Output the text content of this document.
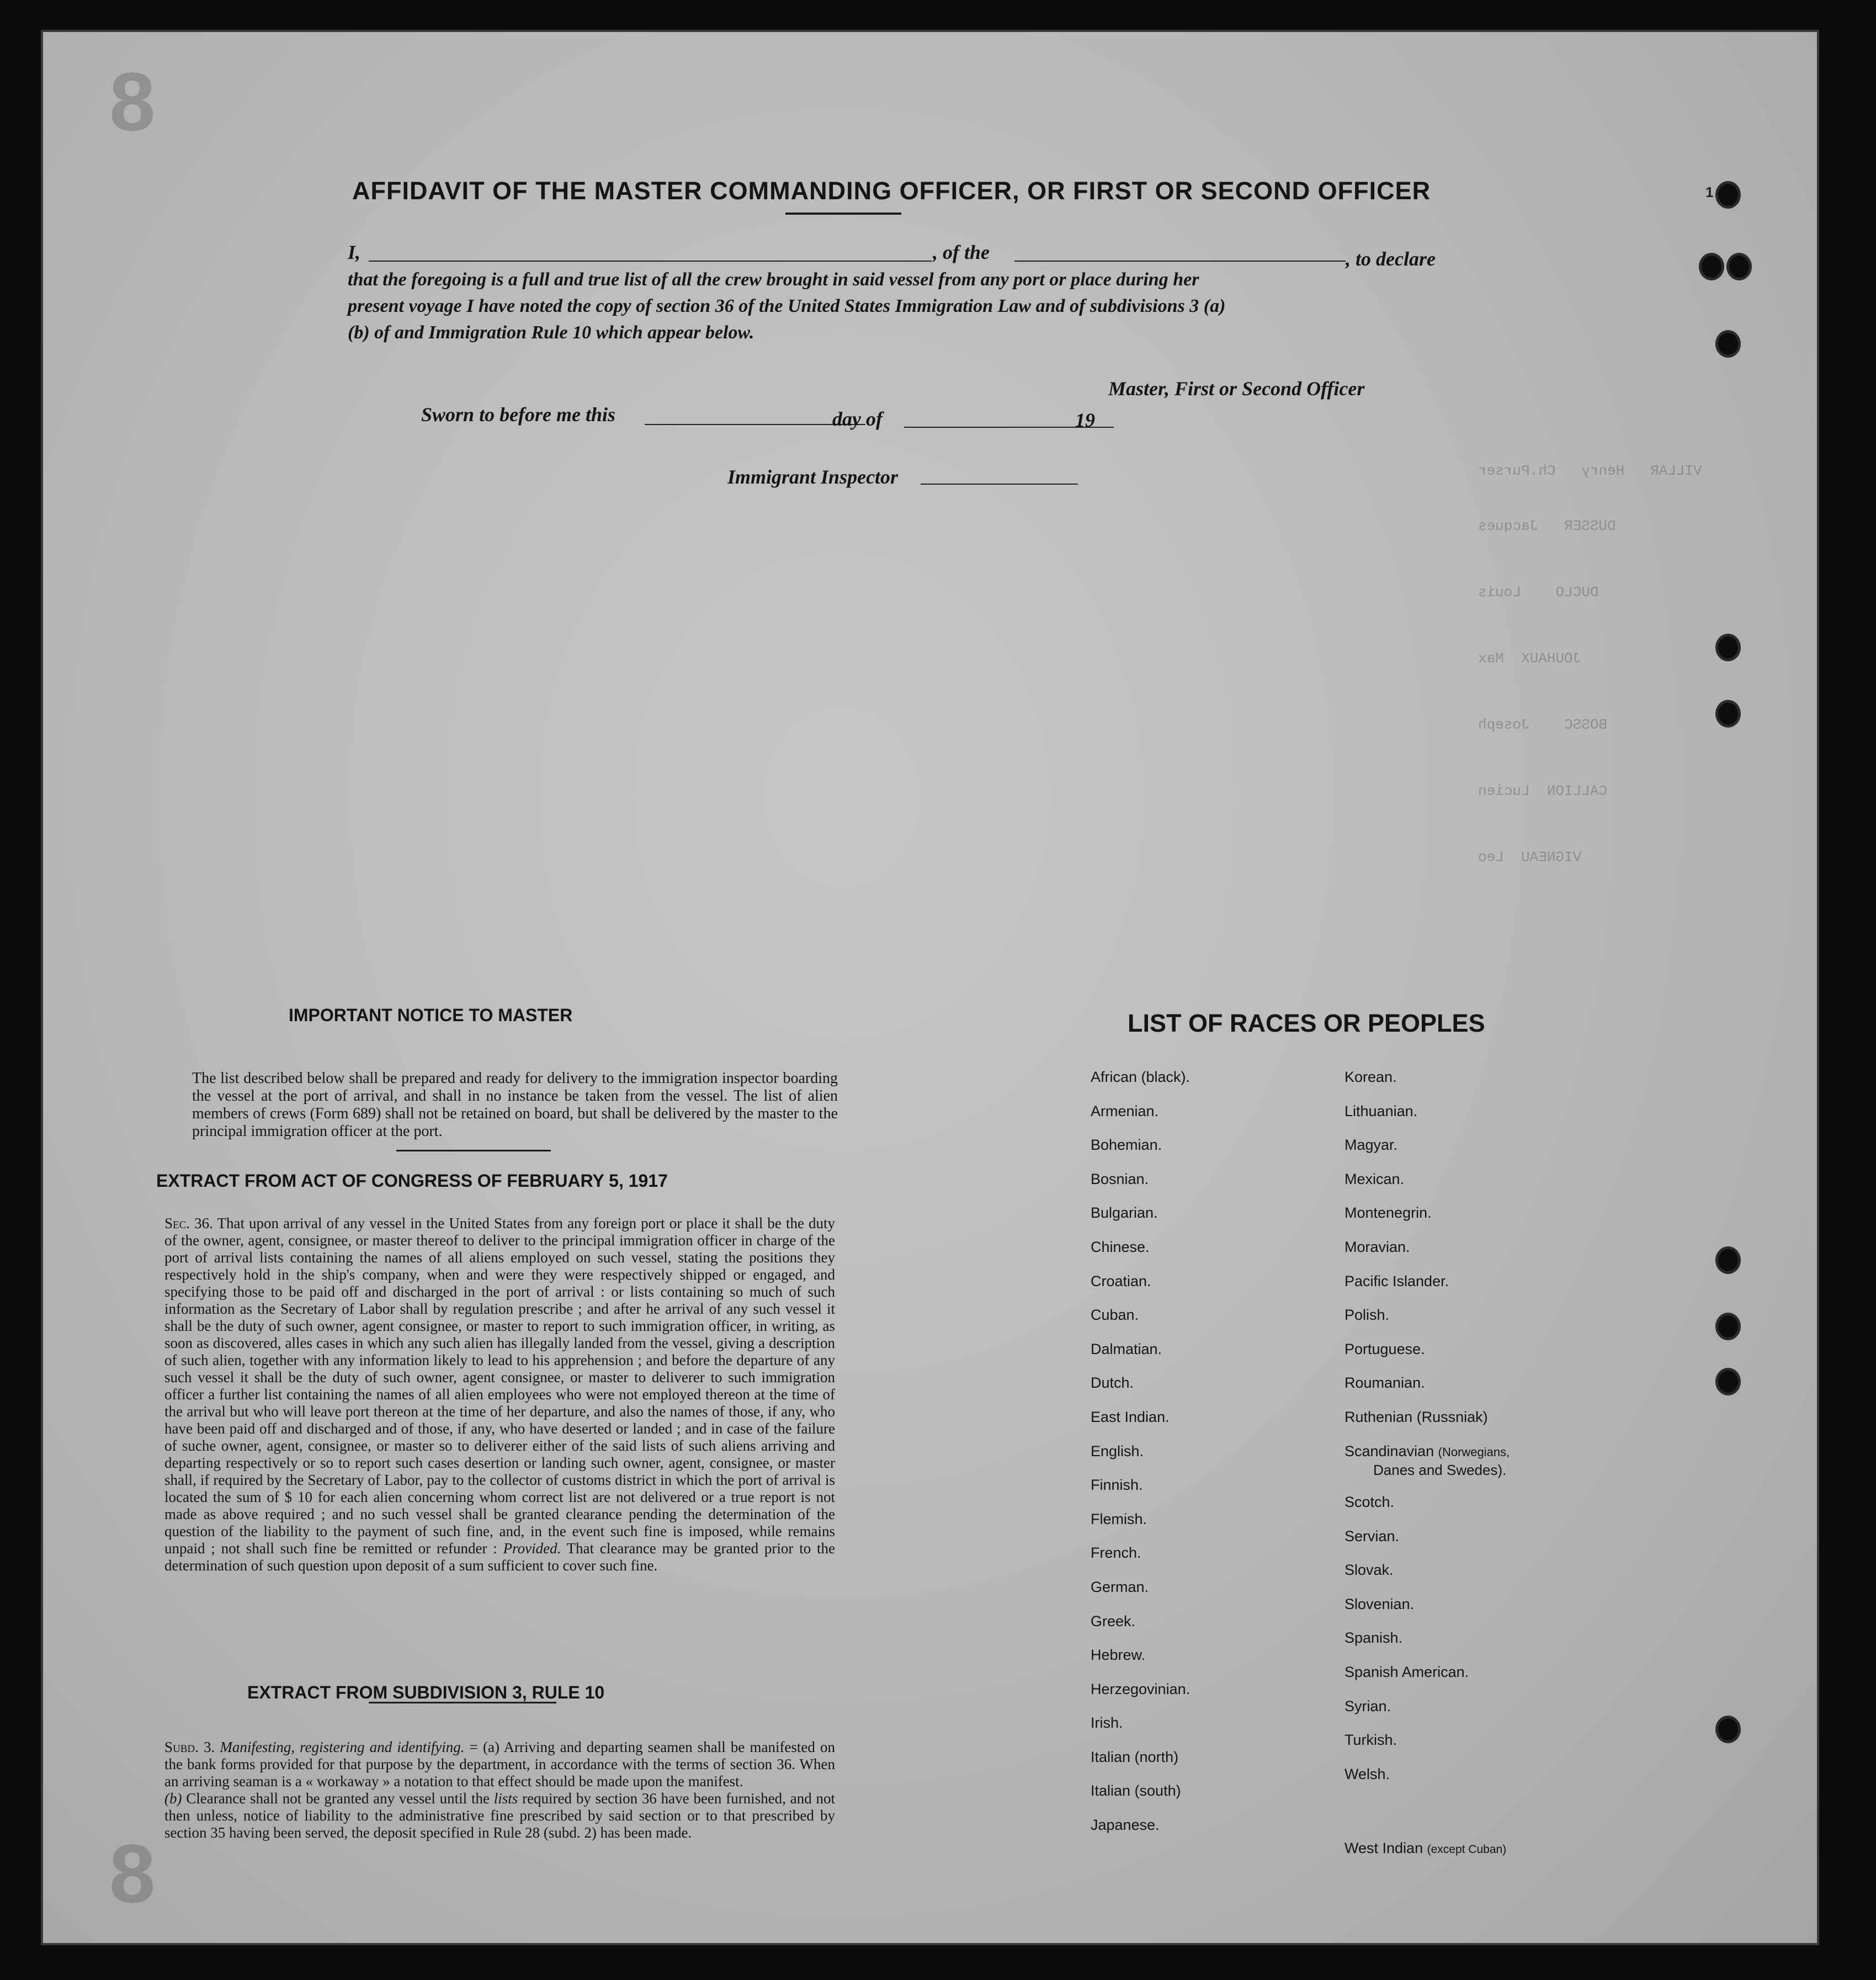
8
8
VILLAR   Henry   Ch.Purser
DUSSER   Jacques
DUCLO    Louis
JOUHAUX  Max
BOSSC    Joseph
CALLION  Lucien
VIGNEAU  Leo
1
AFFIDAVIT OF THE MASTER COMMANDING OFFICER, OR FIRST OR SECOND OFFICER
I,	, of the	, to declare
that the foregoing is a full and true list of all the crew brought in said vessel from any port or place during her
present voyage I have noted the copy of section 36 of the United States Immigration Law and of subdivisions 3 (a)
(b) of and Immigration Rule 10 which appear below.
Master, First or Second Officer
Sworn to before me this	day of	19
Immigrant Inspector
IMPORTANT NOTICE TO MASTER
The list described below shall be prepared and ready for delivery to the immigration inspector boarding the vessel at the port of arrival, and shall in no instance be taken from the vessel. The list of alien members of crews (Form 689) shall not be retained on board, but shall be delivered by the master to the principal immigration officer at the port.
EXTRACT FROM ACT OF CONGRESS OF FEBRUARY 5, 1917
Sec. 36. That upon arrival of any vessel in the United States from any foreign port or place it shall be the duty of the owner, agent, consignee, or master thereof to deliver to the principal immigration officer in charge of the port of arrival lists containing the names of all aliens employed on such vessel, stating the positions they respectively hold in the ship's company, when and were they were respectively shipped or engaged, and specifying those to be paid off and discharged in the port of arrival : or lists containing so much of such information as the Secretary of Labor shall by regulation prescribe ; and after he arrival of any such vessel it shall be the duty of such owner, agent consignee, or master to report to such immigration officer, in writing, as soon as discovered, alles cases in which any such alien has illegally landed from the vessel, giving a description of such alien, together with any information likely to lead to his apprehension ; and before the departure of any such vessel it shall be the duty of such owner, agent consignee, or master to deliverer to such immigration officer a further list containing the names of all alien employees who were not employed thereon at the time of the arrival but who will leave port thereon at the time of her departure, and also the names of those, if any, who have been paid off and discharged and of those, if any, who have deserted or landed ; and in case of the failure of suche owner, agent, consignee, or master so to deliverer either of the said lists of such aliens arriving and departing respectively or so to report such cases desertion or landing such owner, agent, consignee, or master shall, if required by the Secretary of Labor, pay to the collector of customs district in which the port of arrival is located the sum of $ 10 for each alien concerning whom correct list are not delivered or a true report is not made as above required ; and no such vessel shall be granted clearance pending the determination of the question of the liability to the payment of such fine, and, in the event such fine is imposed, while remains unpaid ; not shall such fine be remitted or refunder : Provided. That clearance may be granted prior to the determination of such question upon deposit of a sum sufficient to cover such fine.
EXTRACT FROM SUBDIVISION 3, RULE 10
Subd. 3. Manifesting, registering and identifying. = (a) Arriving and departing seamen shall be manifested on the bank forms provided for that purpose by the department, in accordance with the terms of section 36. When an arriving seaman is a « workaway » a notation to that effect should be made upon the manifest.
(b) Clearance shall not be granted any vessel until the lists required by section 36 have been furnished, and not then unless, notice of liability to the administrative fine prescribed by said section or to that prescribed by section 35 having been served, the deposit specified in Rule 28 (subd. 2) has been made.
LIST OF RACES OR PEOPLES
African (black).
Armenian.
Bohemian.
Bosnian.
Bulgarian.
Chinese.
Croatian.
Cuban.
Dalmatian.
Dutch.
East Indian.
English.
Finnish.
Flemish.
French.
German.
Greek.
Hebrew.
Herzegovinian.
Irish.
Italian (north)
Italian (south)
Japanese.
Korean.
Lithuanian.
Magyar.
Mexican.
Montenegrin.
Moravian.
Pacific Islander.
Polish.
Portuguese.
Roumanian.
Ruthenian (Russniak)
Scandinavian (Norwegians,
Danes and Swedes).
Scotch.
Servian.
Slovak.
Slovenian.
Spanish.
Spanish American.
Syrian.
Turkish.
Welsh.
West Indian (except Cuban)
